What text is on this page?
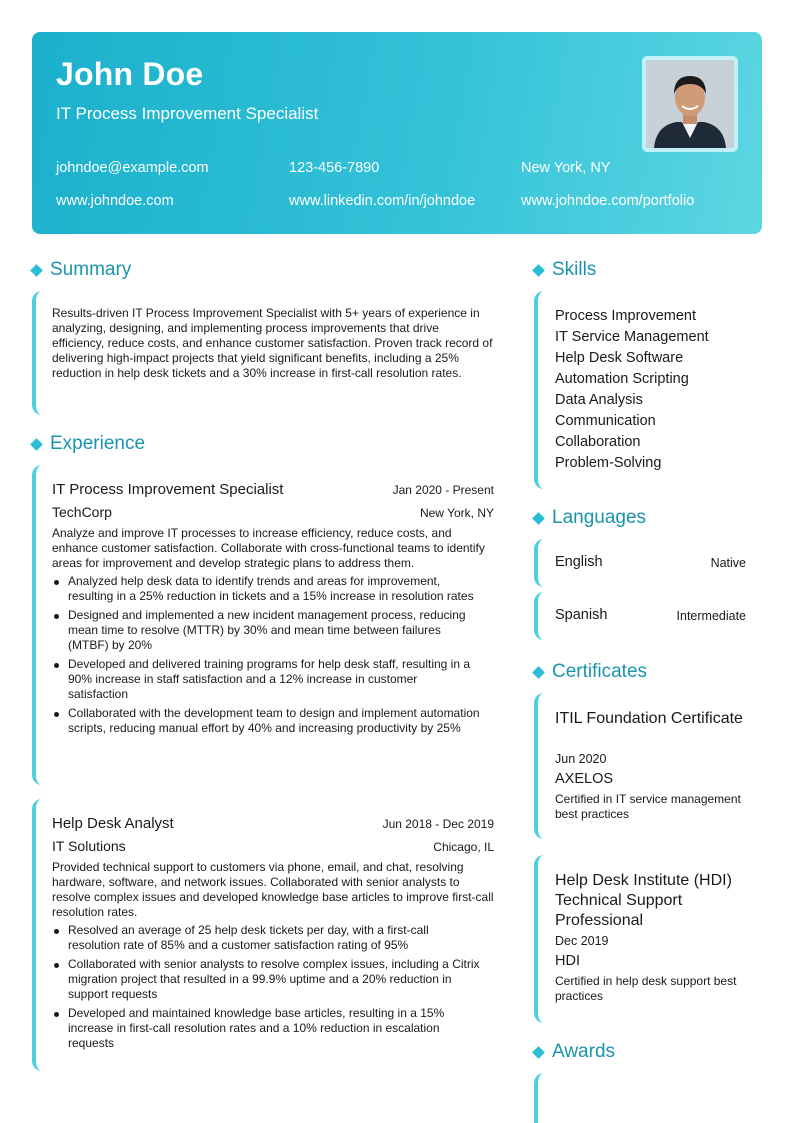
John Doe
IT Process Improvement Specialist
johndoe@example.com	123-456-7890	New York, NY
www.johndoe.com	www.linkedin.com/in/johndoe	www.johndoe.com/portfolio
Summary
Results-driven IT Process Improvement Specialist with 5+ years of experience in analyzing, designing, and implementing process improvements that drive efficiency, reduce costs, and enhance customer satisfaction. Proven track record of delivering high-impact projects that yield significant benefits, including a 25% reduction in help desk tickets and a 30% increase in first-call resolution rates.
Experience
IT Process Improvement Specialist	Jan 2020 - Present
TechCorp	New York, NY
Analyze and improve IT processes to increase efficiency, reduce costs, and enhance customer satisfaction. Collaborate with cross-functional teams to identify areas for improvement and develop strategic plans to address them.
Analyzed help desk data to identify trends and areas for improvement, resulting in a 25% reduction in tickets and a 15% increase in resolution rates
Designed and implemented a new incident management process, reducing mean time to resolve (MTTR) by 30% and mean time between failures (MTBF) by 20%
Developed and delivered training programs for help desk staff, resulting in a 90% increase in staff satisfaction and a 12% increase in customer satisfaction
Collaborated with the development team to design and implement automation scripts, reducing manual effort by 40% and increasing productivity by 25%
Help Desk Analyst	Jun 2018 - Dec 2019
IT Solutions	Chicago, IL
Provided technical support to customers via phone, email, and chat, resolving hardware, software, and network issues. Collaborated with senior analysts to resolve complex issues and developed knowledge base articles to improve first-call resolution rates.
Resolved an average of 25 help desk tickets per day, with a first-call resolution rate of 85% and a customer satisfaction rating of 95%
Collaborated with senior analysts to resolve complex issues, including a Citrix migration project that resulted in a 99.9% uptime and a 20% reduction in support requests
Developed and maintained knowledge base articles, resulting in a 15% increase in first-call resolution rates and a 10% reduction in escalation requests
Skills
Process Improvement
IT Service Management
Help Desk Software
Automation Scripting
Data Analysis
Communication
Collaboration
Problem-Solving
Languages
English	Native
Spanish	Intermediate
Certificates
ITIL Foundation Certificate
Jun 2020
AXELOS
Certified in IT service management best practices
Help Desk Institute (HDI) Technical Support Professional
Dec 2019
HDI
Certified in help desk support best practices
Awards
